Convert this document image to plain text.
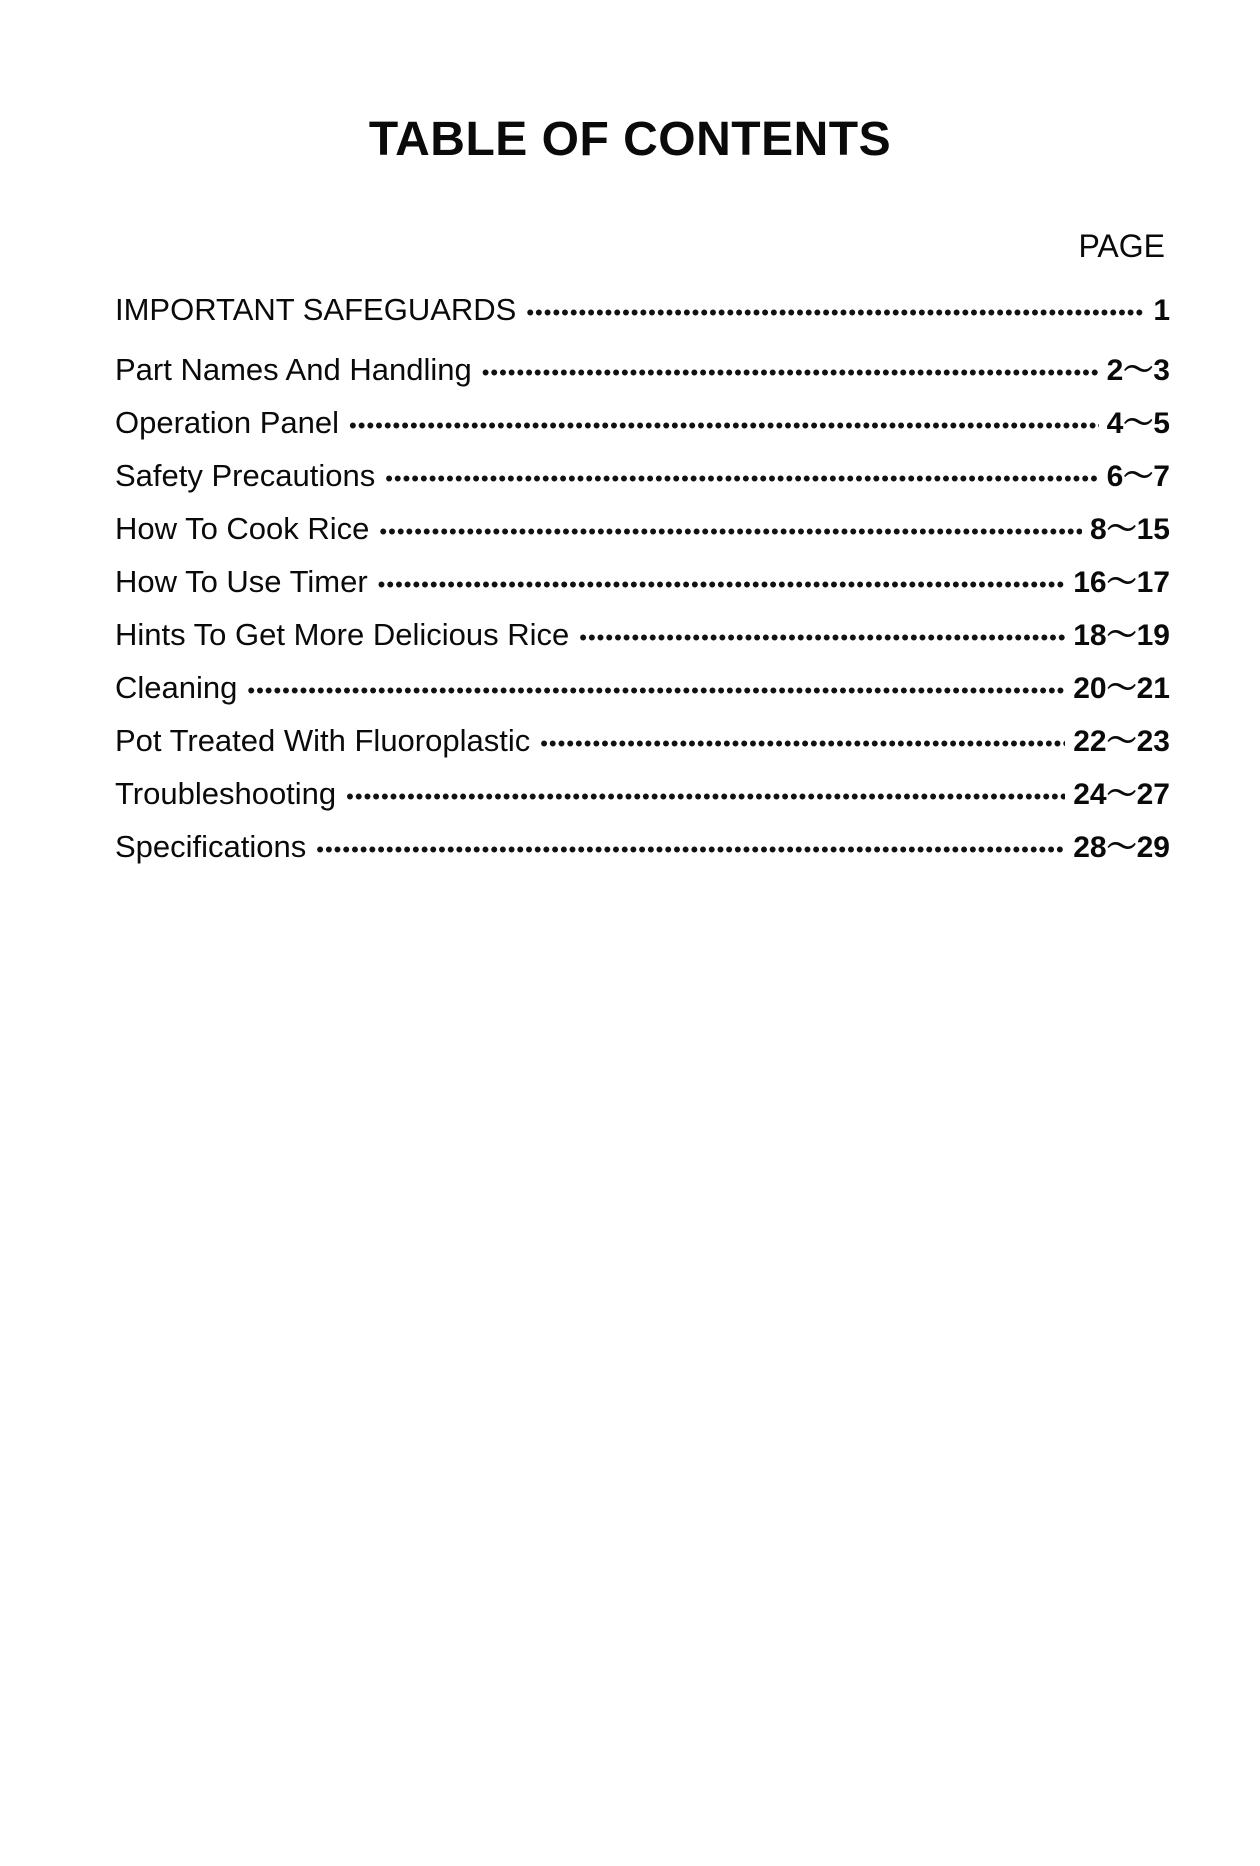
TABLE OF CONTENTS
PAGE
IMPORTANT SAFEGUARDS •••••	1
Part Names And Handling •••••	2～3
Operation Panel •••••	4～5
Safety Precautions •••••	6～7
How To Cook Rice •••••	8～15
How To Use Timer •••••	16～17
Hints To Get More Delicious Rice •••••	18～19
Cleaning •••••	20～21
Pot Treated With Fluoroplastic •••••	22～23
Troubleshooting •••••	24～27
Specifications •••••	28～29
